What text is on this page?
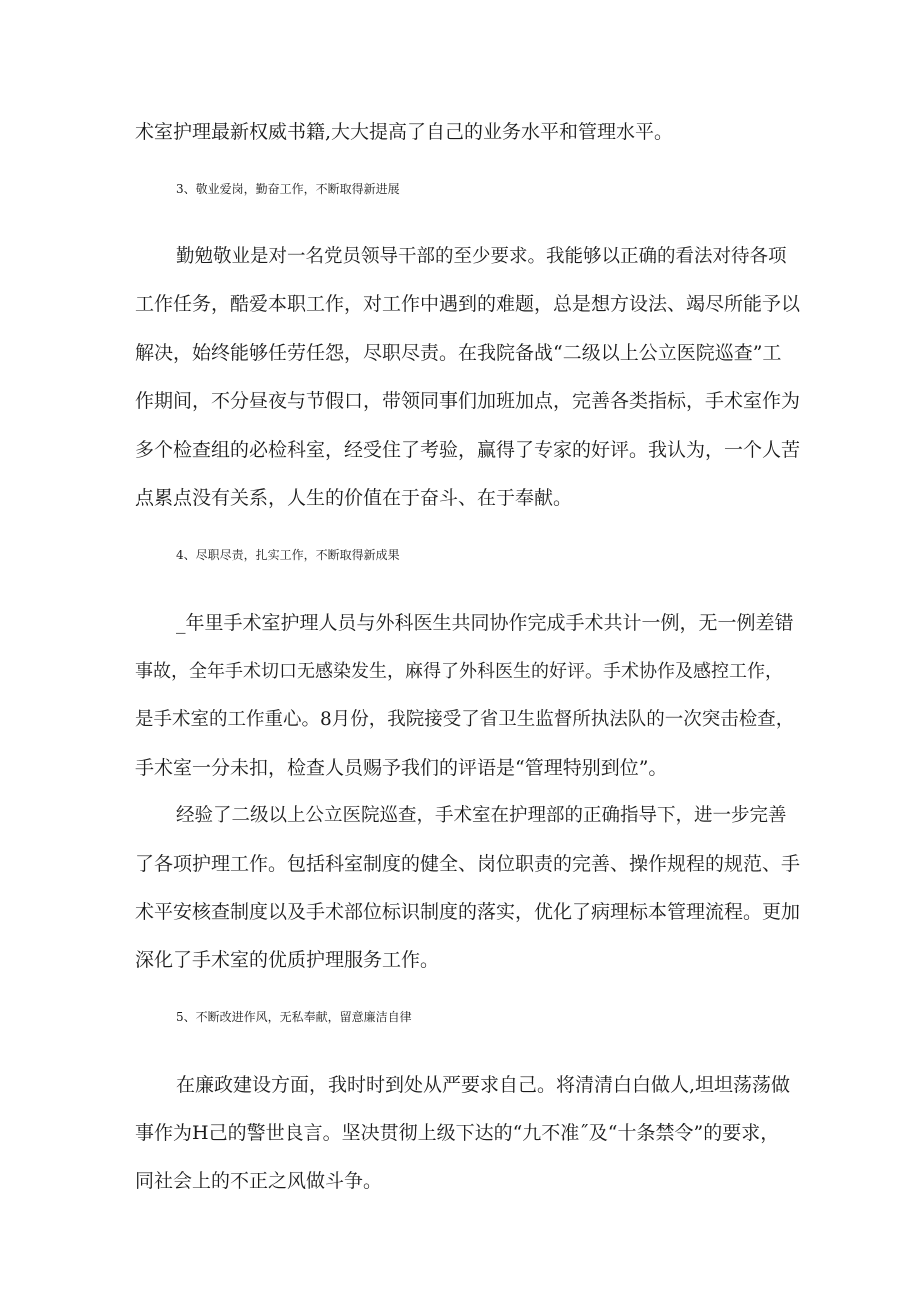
术室护理最新权威书籍,大大提高了自己的业务水平和管理水平。

3、敬业爱岗，勤奋工作，不断取得新进展

勤勉敬业是对一名党员领导干部的至少要求。我能够以正确的看法对待各项

工作任务，酷爱本职工作，对工作中遇到的难题，总是想方设法、竭尽所能予以

解决，始终能够任劳任怨，尽职尽责。在我院备战“二级以上公立医院巡查”工

作期间，不分昼夜与节假口，带领同事们加班加点，完善各类指标，手术室作为

多个检查组的必检科室，经受住了考验，赢得了专家的好评。我认为，一个人苦

点累点没有关系，人生的价值在于奋斗、在于奉献。

4、尽职尽责，扎实工作，不断取得新成果

_年里手术室护理人员与外科医生共同协作完成手术共计一例，无一例差错

事故，全年手术切口无感染发生，麻得了外科医生的好评。手术协作及感控工作，

是手术室的工作重心。8月份，我院接受了省卫生监督所执法队的一次突击检查，

手术室一分未扣，检查人员赐予我们的评语是“管理特别到位”。

经验了二级以上公立医院巡查，手术室在护理部的正确指导下，进一步完善

了各项护理工作。包括科室制度的健全、岗位职责的完善、操作规程的规范、手

术平安核查制度以及手术部位标识制度的落实，优化了病理标本管理流程。更加

深化了手术室的优质护理服务工作。

5、不断改进作风，无私奉献，留意廉洁自律

在廉政建设方面，我时时到处从严要求自己。将清清白白做人,坦坦荡荡做

事作为H己的警世良言。坚决贯彻上级下达的“九不准˝及“十条禁令”的要求，

同社会上的不正之风做斗争。
